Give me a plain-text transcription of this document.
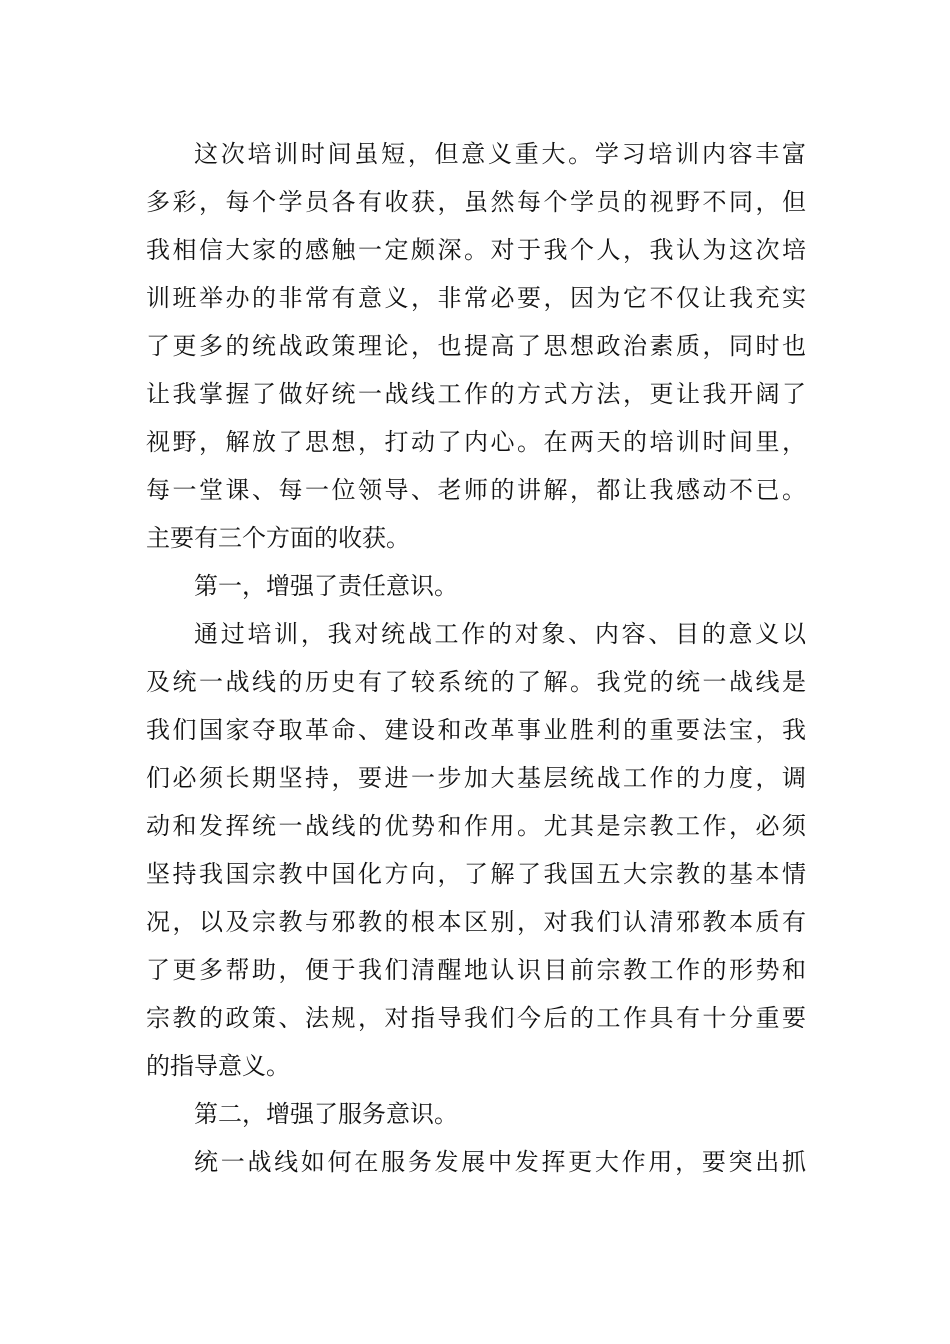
这次培训时间虽短，但意义重大。学习培训内容丰富
多彩，每个学员各有收获，虽然每个学员的视野不同，但
我相信大家的感触一定颇深。对于我个人，我认为这次培
训班举办的非常有意义，非常必要，因为它不仅让我充实
了更多的统战政策理论，也提高了思想政治素质，同时也
让我掌握了做好统一战线工作的方式方法，更让我开阔了
视野，解放了思想，打动了内心。在两天的培训时间里，
每一堂课、每一位领导、老师的讲解，都让我感动不已。
主要有三个方面的收获。
第一，增强了责任意识。
通过培训，我对统战工作的对象、内容、目的意义以
及统一战线的历史有了较系统的了解。我党的统一战线是
我们国家夺取革命、建设和改革事业胜利的重要法宝，我
们必须长期坚持，要进一步加大基层统战工作的力度，调
动和发挥统一战线的优势和作用。尤其是宗教工作，必须
坚持我国宗教中国化方向，了解了我国五大宗教的基本情
况，以及宗教与邪教的根本区别，对我们认清邪教本质有
了更多帮助，便于我们清醒地认识目前宗教工作的形势和
宗教的政策、法规，对指导我们今后的工作具有十分重要
的指导意义。
第二，增强了服务意识。
统一战线如何在服务发展中发挥更大作用，要突出抓
